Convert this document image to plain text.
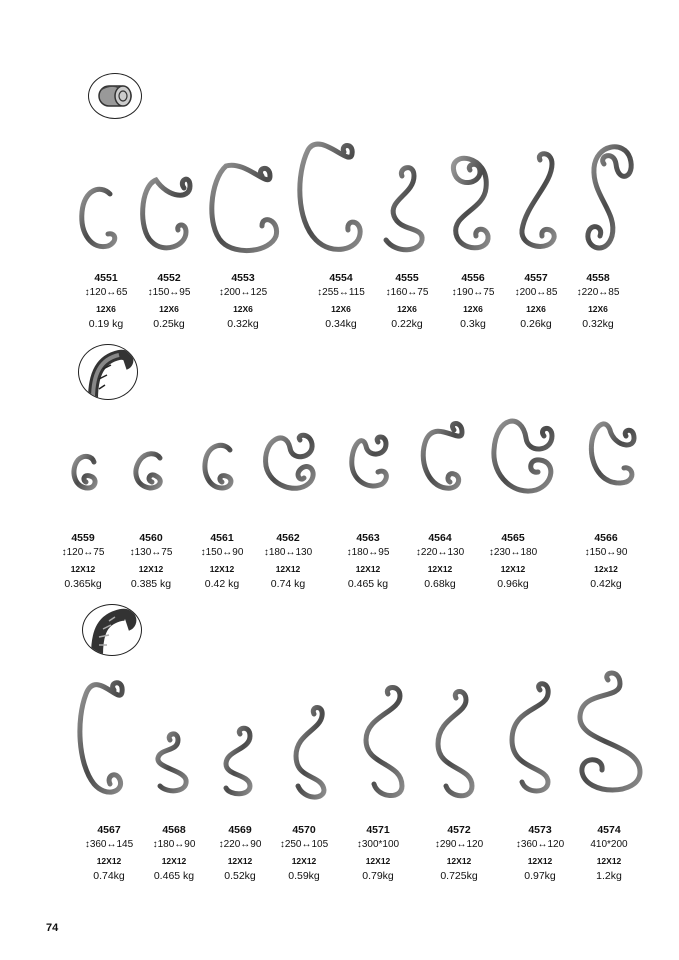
4551
↕120↔65
12X6
0.19 kg
4552
↕150↔95
12X6
0.25kg
4553
↕200↔125
12X6
0.32kg
4554
↕255↔115
12X6
0.34kg
4555
↕160↔75
12X6
0.22kg
4556
↕190↔75
12X6
0.3kg
4557
↕200↔85
12X6
0.26kg
4558
↕220↔85
12X6
0.32kg
4559
↕120↔75
12X12
0.365kg
4560
↕130↔75
12X12
0.385 kg
4561
↕150↔90
12X12
0.42 kg
4562
↕180↔130
12X12
0.74 kg
4563
↕180↔95
12X12
0.465 kg
4564
↕220↔130
12X12
0.68kg
4565
↕230↔180
12X12
0.96kg
4566
↕150↔90
12x12
0.42kg
4567
↕360↔145
12X12
0.74kg
4568
↕180↔90
12X12
0.465 kg
4569
↕220↔90
12X12
0.52kg
4570
↕250↔105
12X12
0.59kg
4571
↕300*100
12X12
0.79kg
4572
↕290↔120
12X12
0.725kg
4573
↕360↔120
12X12
0.97kg
4574
410*200
12X12
1.2kg
74
